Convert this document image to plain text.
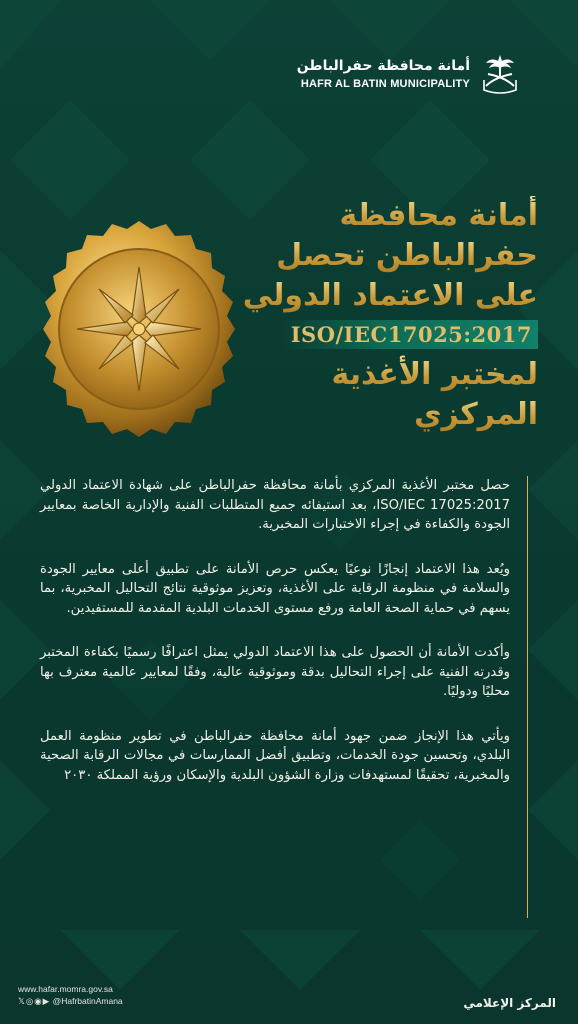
أمانة محافظة حفرالباطن
HAFR AL BATIN MUNICIPALITY
أمانة محافظة
حفرالباطن تحصل
على الاعتماد الدولي
ISO/IEC17025:2017
لمختبر الأغذية
المركزي

حصل مختبر الأغذية المركزي بأمانة محافظة حفرالباطن على شهادة الاعتماد الدولي ISO/IEC 17025:2017، بعد استيفائه جميع المتطلبات الفنية والإدارية الخاصة بمعايير الجودة والكفاءة في إجراء الاختبارات المخبرية.

ويُعد هذا الاعتماد إنجازًا نوعيًا يعكس حرص الأمانة على تطبيق أعلى معايير الجودة والسلامة في منظومة الرقابة على الأغذية، وتعزيز موثوقية نتائج التحاليل المخبرية، بما يسهم في حماية الصحة العامة ورفع مستوى الخدمات البلدية المقدمة للمستفيدين.

وأكدت الأمانة أن الحصول على هذا الاعتماد الدولي يمثل اعترافًا رسميًا بكفاءة المختبر وقدرته الفنية على إجراء التحاليل بدقة وموثوقية عالية، وفقًا لمعايير عالمية معترف بها محليًا ودوليًا.

ويأتي هذا الإنجاز ضمن جهود أمانة محافظة حفرالباطن في تطوير منظومة العمل البلدي، وتحسين جودة الخدمات، وتطبيق أفضل الممارسات في مجالات الرقابة الصحية والمخبرية، تحقيقًا لمستهدفات وزارة الشؤون البلدية والإسكان ورؤية المملكة ٢٠٣٠

www.hafar.momra.gov.sa
𝕏◎◉▶ @HafrbatinAmana	المركز الإعلامي
